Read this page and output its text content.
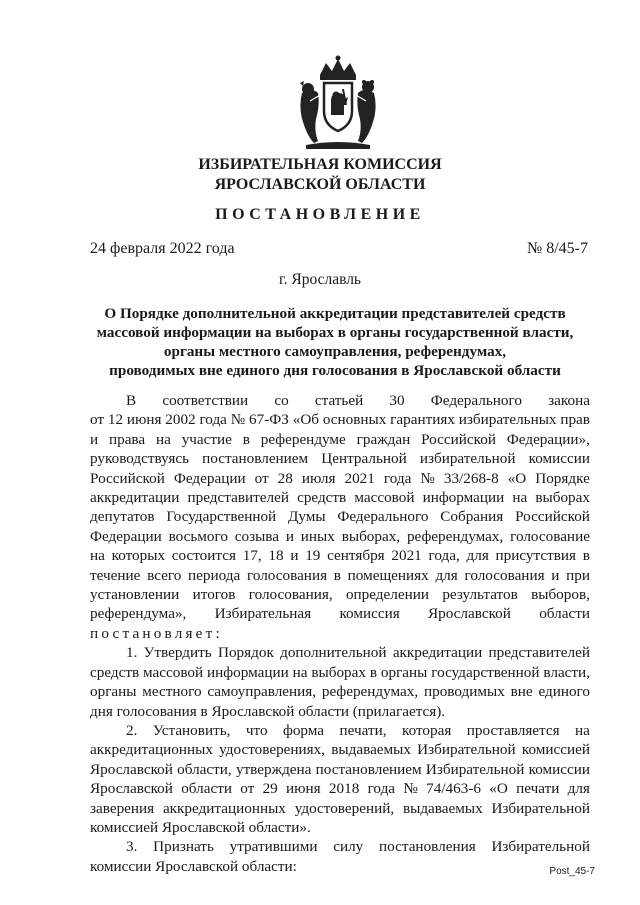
ИЗБИРАТЕЛЬНАЯ КОМИССИЯ
ЯРОСЛАВСКОЙ ОБЛАСТИ
ПОСТАНОВЛЕНИЕ
24 февраля 2022 года	№ 8/45-7
г. Ярославль
О Порядке дополнительной аккредитации представителей средств
массовой информации на выборах в органы государственной власти,
органы местного самоуправления, референдумах,
проводимых вне единого дня голосования в Ярославской области
В соответствии со статьей 30 Федерального закона
от 12 июня 2002 года № 67-ФЗ «Об основных гарантиях избирательных прав
и права на участие в референдуме граждан Российской Федерации»,
руководствуясь постановлением Центральной избирательной комиссии
Российской Федерации от 28 июля 2021 года № 33/268-8 «О Порядке
аккредитации представителей средств массовой информации на выборах
депутатов Государственной Думы Федерального Собрания Российской
Федерации восьмого созыва и иных выборах, референдумах, голосование
на которых состоится 17, 18 и 19 сентября 2021 года, для присутствия в
течение всего периода голосования в помещениях для голосования и при
установлении итогов голосования, определении результатов выборов,
референдума», Избирательная комиссия Ярославской области
постановляет:
1. Утвердить Порядок дополнительной аккредитации представителей
средств массовой информации на выборах в органы государственной власти,
органы местного самоуправления, референдумах, проводимых вне единого
дня голосования в Ярославской области (прилагается).
2. Установить, что форма печати, которая проставляется на
аккредитационных удостоверениях, выдаваемых Избирательной комиссией
Ярославской области, утверждена постановлением Избирательной комиссии
Ярославской области от 29 июня 2018 года № 74/463-6 «О печати для
заверения аккредитационных удостоверений, выдаваемых Избирательной
комиссией Ярославской области».
3. Признать утратившими силу постановления Избирательной
комиссии Ярославской области:	Post_45-7
